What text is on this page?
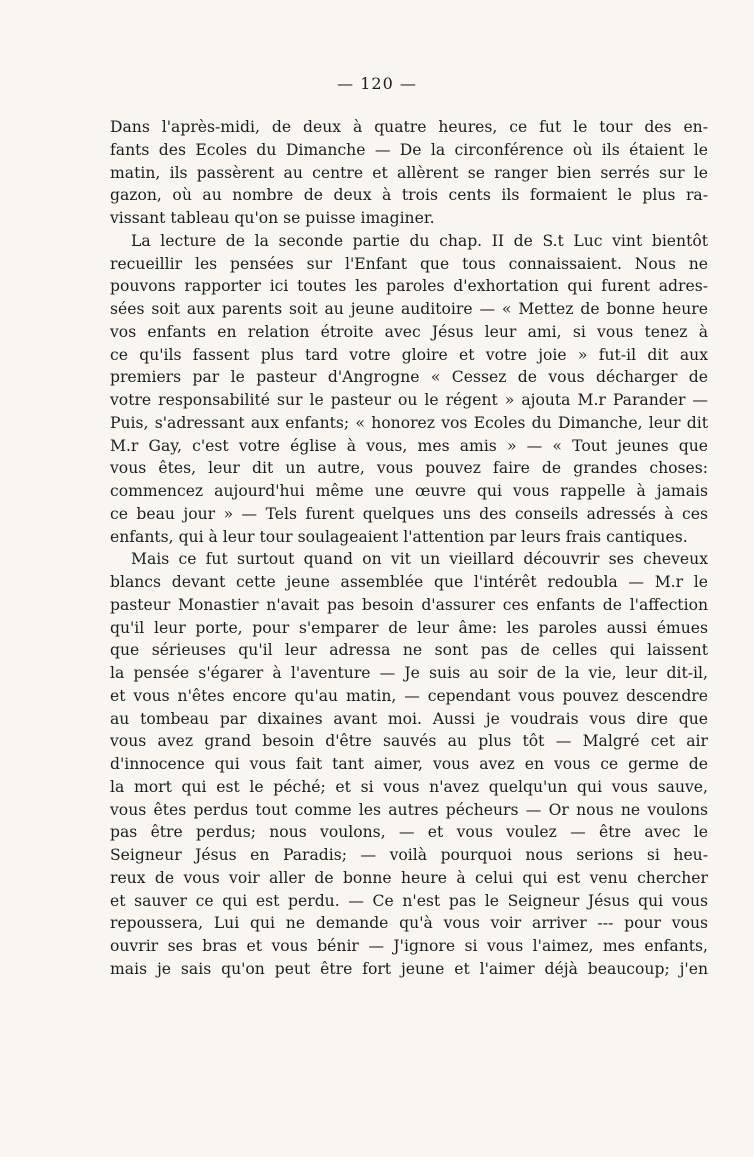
— 120 —
Dans l'après-midi, de deux à quatre heures, ce fut le tour des en-
fants des Ecoles du Dimanche — De la circonférence où ils étaient le
matin, ils passèrent au centre et allèrent se ranger bien serrés sur le
gazon, où au nombre de deux à trois cents ils formaient le plus ra-
vissant tableau qu'on se puisse imaginer.
La lecture de la seconde partie du chap. II de S.t Luc vint bientôt
recueillir les pensées sur l'Enfant que tous connaissaient. Nous ne
pouvons rapporter ici toutes les paroles d'exhortation qui furent adres-
sées soit aux parents soit au jeune auditoire — « Mettez de bonne heure
vos enfants en relation étroite avec Jésus leur ami, si vous tenez à
ce qu'ils fassent plus tard votre gloire et votre joie » fut-il dit aux
premiers par le pasteur d'Angrogne « Cessez de vous décharger de
votre responsabilité sur le pasteur ou le régent » ajouta M.r Parander —
Puis, s'adressant aux enfants; « honorez vos Ecoles du Dimanche, leur dit
M.r Gay, c'est votre église à vous, mes amis » — « Tout jeunes que
vous êtes, leur dit un autre, vous pouvez faire de grandes choses:
commencez aujourd'hui même une œuvre qui vous rappelle à jamais
ce beau jour » — Tels furent quelques uns des conseils adressés à ces
enfants, qui à leur tour soulageaient l'attention par leurs frais cantiques.
Mais ce fut surtout quand on vit un vieillard découvrir ses cheveux
blancs devant cette jeune assemblée que l'intérêt redoubla — M.r le
pasteur Monastier n'avait pas besoin d'assurer ces enfants de l'affection
qu'il leur porte, pour s'emparer de leur âme: les paroles aussi émues
que sérieuses qu'il leur adressa ne sont pas de celles qui laissent
la pensée s'égarer à l'aventure — Je suis au soir de la vie, leur dit-il,
et vous n'êtes encore qu'au matin, — cependant vous pouvez descendre
au tombeau par dixaines avant moi. Aussi je voudrais vous dire que
vous avez grand besoin d'être sauvés au plus tôt — Malgré cet air
d'innocence qui vous fait tant aimer, vous avez en vous ce germe de
la mort qui est le péché; et si vous n'avez quelqu'un qui vous sauve,
vous êtes perdus tout comme les autres pécheurs — Or nous ne voulons
pas être perdus; nous voulons, — et vous voulez — être avec le
Seigneur Jésus en Paradis; — voilà pourquoi nous serions si heu-
reux de vous voir aller de bonne heure à celui qui est venu chercher
et sauver ce qui est perdu. — Ce n'est pas le Seigneur Jésus qui vous
repoussera, Lui qui ne demande qu'à vous voir arriver --- pour vous
ouvrir ses bras et vous bénir — J'ignore si vous l'aimez, mes enfants,
mais je sais qu'on peut être fort jeune et l'aimer déjà beaucoup; j'en
